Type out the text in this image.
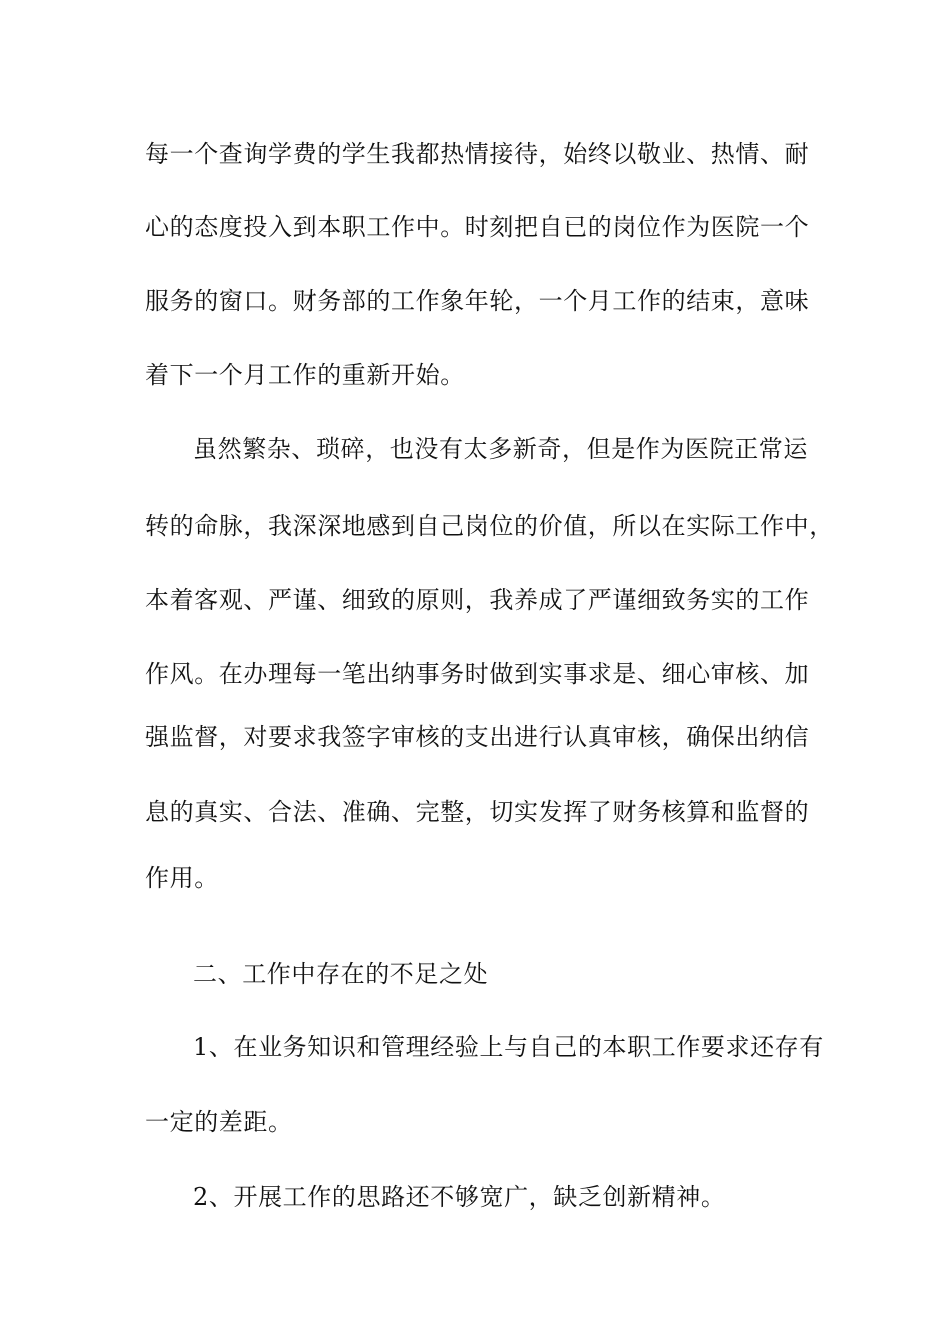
每一个查询学费的学生我都热情接待，始终以敬业、热情、耐
心的态度投入到本职工作中。时刻把自已的岗位作为医院一个
服务的窗口。财务部的工作象年轮，一个月工作的结束，意味
着下一个月工作的重新开始。
虽然繁杂、琐碎，也没有太多新奇，但是作为医院正常运
转的命脉，我深深地感到自己岗位的价值，所以在实际工作中，
本着客观、严谨、细致的原则，我养成了严谨细致务实的工作
作风。在办理每一笔出纳事务时做到实事求是、细心审核、加
强监督，对要求我签字审核的支出进行认真审核，确保出纳信
息的真实、合法、准确、完整，切实发挥了财务核算和监督的
作用。
二、工作中存在的不足之处
1、在业务知识和管理经验上与自己的本职工作要求还存有
一定的差距。
2、开展工作的思路还不够宽广，缺乏创新精神。
